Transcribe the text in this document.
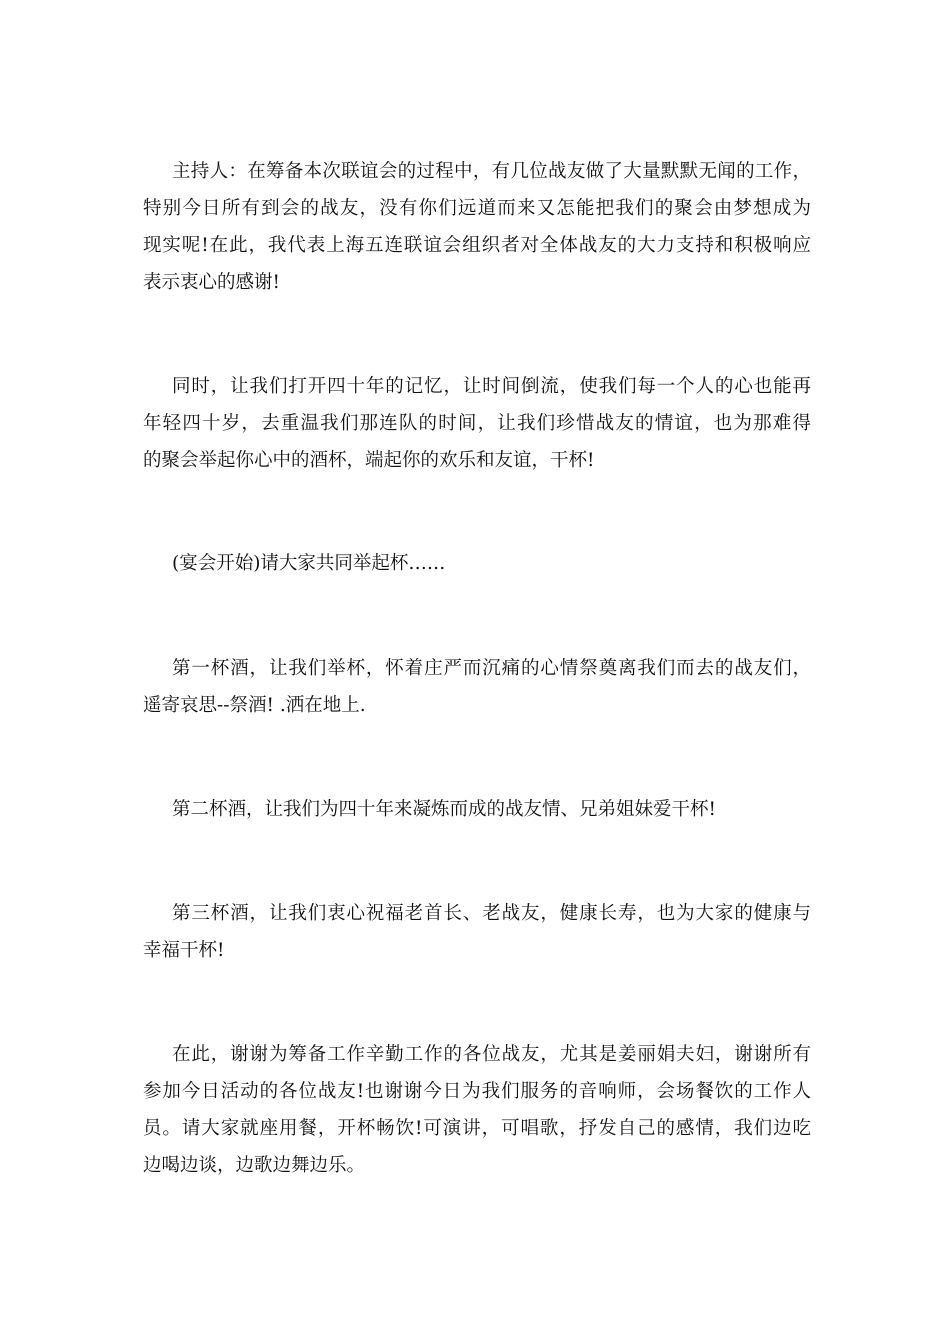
主持人：在筹备本次联谊会的过程中，有几位战友做了大量默默无闻的工作，
特别今日所有到会的战友，没有你们远道而来又怎能把我们的聚会由梦想成为
现实呢!在此，我代表上海五连联谊会组织者对全体战友的大力支持和积极响应
表示衷心的感谢!

同时，让我们打开四十年的记忆，让时间倒流，使我们每一个人的心也能再
年轻四十岁，去重温我们那连队的时间，让我们珍惜战友的情谊，也为那难得
的聚会举起你心中的酒杯，端起你的欢乐和友谊，干杯!

(宴会开始)请大家共同举起杯……

第一杯酒，让我们举杯，怀着庄严而沉痛的心情祭奠离我们而去的战友们，
遥寄哀思--祭酒! .洒在地上.

第二杯酒，让我们为四十年来凝炼而成的战友情、兄弟姐妹爱干杯!

第三杯酒，让我们衷心祝福老首长、老战友，健康长寿，也为大家的健康与
幸福干杯!

在此，谢谢为筹备工作辛勤工作的各位战友，尤其是姜丽娟夫妇，谢谢所有
参加今日活动的各位战友!也谢谢今日为我们服务的音响师，会场餐饮的工作人
员。请大家就座用餐，开杯畅饮!可演讲，可唱歌，抒发自己的感情，我们边吃
边喝边谈，边歌边舞边乐。
